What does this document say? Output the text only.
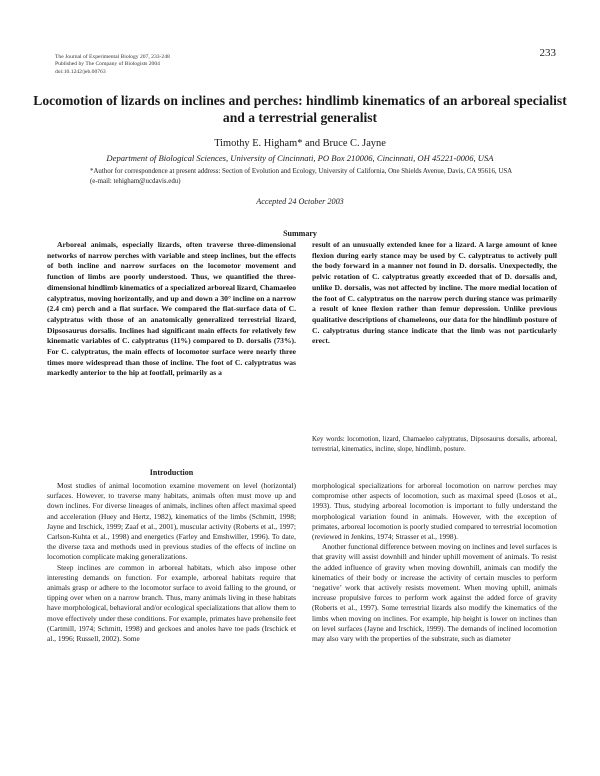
The Journal of Experimental Biology 207, 233-248
Published by The Company of Biologists 2004
doi:10.1242/jeb.00763
233
Locomotion of lizards on inclines and perches: hindlimb kinematics of an arboreal specialist and a terrestrial generalist
Timothy E. Higham* and Bruce C. Jayne
Department of Biological Sciences, University of Cincinnati, PO Box 210006, Cincinnati, OH 45221-0006, USA
*Author for correspondence at present address: Section of Evolution and Ecology, University of California, One Shields Avenue, Davis, CA 95616, USA (e-mail: tehigham@ucdavis.edu)
Accepted 24 October 2003
Summary

Arboreal animals, especially lizards, often traverse three-dimensional networks of narrow perches with variable and steep inclines, but the effects of both incline and narrow surfaces on the locomotor movement and function of limbs are poorly understood. Thus, we quantified the three-dimensional hindlimb kinematics of a specialized arboreal lizard, Chamaeleo calyptratus, moving horizontally, and up and down a 30° incline on a narrow (2.4 cm) perch and a flat surface. We compared the flat-surface data of C. calyptratus with those of an anatomically generalized terrestrial lizard, Dipsosaurus dorsalis. Inclines had significant main effects for relatively few kinematic variables of C. calyptratus (11%) compared to D. dorsalis (73%). For C. calyptratus, the main effects of locomotor surface were nearly three times more widespread than those of incline. The foot of C. calyptratus was markedly anterior to the hip at footfall, primarily as a

result of an unusually extended knee for a lizard. A large amount of knee flexion during early stance may be used by C. calyptratus to actively pull the body forward in a manner not found in D. dorsalis. Unexpectedly, the pelvic rotation of C. calyptratus greatly exceeded that of D. dorsalis and, unlike D. dorsalis, was not affected by incline. The more medial location of the foot of C. calyptratus on the narrow perch during stance was primarily a result of knee flexion rather than femur depression. Unlike previous qualitative descriptions of chameleons, our data for the hindlimb posture of C. calyptratus during stance indicate that the limb was not particularly erect.

Key words: locomotion, lizard, Chamaeleo calyptratus, Dipsosaurus dorsalis, arboreal, terrestrial, kinematics, incline, slope, hindlimb, posture.

Introduction

Most studies of animal locomotion examine movement on level (horizontal) surfaces. However, to traverse many habitats, animals often must move up and down inclines. For diverse lineages of animals, inclines often affect maximal speed and acceleration (Huey and Hertz, 1982), kinematics of the limbs (Schmitt, 1998; Jayne and Irschick, 1999; Zaaf et al., 2001), muscular activity (Roberts et al., 1997; Carlson-Kuhta et al., 1998) and energetics (Farley and Emshwiller, 1996). To date, the diverse taxa and methods used in previous studies of the effects of incline on locomotion complicate making generalizations.

Steep inclines are common in arboreal habitats, which also impose other interesting demands on function. For example, arboreal habitats require that animals grasp or adhere to the locomotor surface to avoid falling to the ground, or tipping over when on a narrow branch. Thus, many animals living in these habitats have morphological, behavioral and/or ecological specializations that allow them to move effectively under these conditions. For example, primates have prehensile feet (Cartmill, 1974; Schmitt, 1998) and geckoes and anoles have toe pads (Irschick et al., 1996; Russell, 2002). Some

morphological specializations for arboreal locomotion on narrow perches may compromise other aspects of locomotion, such as maximal speed (Losos et al., 1993). Thus, studying arboreal locomotion is important to fully understand the morphological variation found in animals. However, with the exception of primates, arboreal locomotion is poorly studied compared to terrestrial locomotion (reviewed in Jenkins, 1974; Strasser et al., 1998).

Another functional difference between moving on inclines and level surfaces is that gravity will assist downhill and hinder uphill movement of animals. To resist the added influence of gravity when moving downhill, animals can modify the kinematics of their body or increase the activity of certain muscles to perform ‘negative’ work that actively resists movement. When moving uphill, animals increase propulsive forces to perform work against the added force of gravity (Roberts et al., 1997). Some terrestrial lizards also modify the kinematics of the limbs when moving on inclines. For example, hip height is lower on inclines than on level surfaces (Jayne and Irschick, 1999). The demands of inclined locomotion may also vary with the properties of the substrate, such as diameter
